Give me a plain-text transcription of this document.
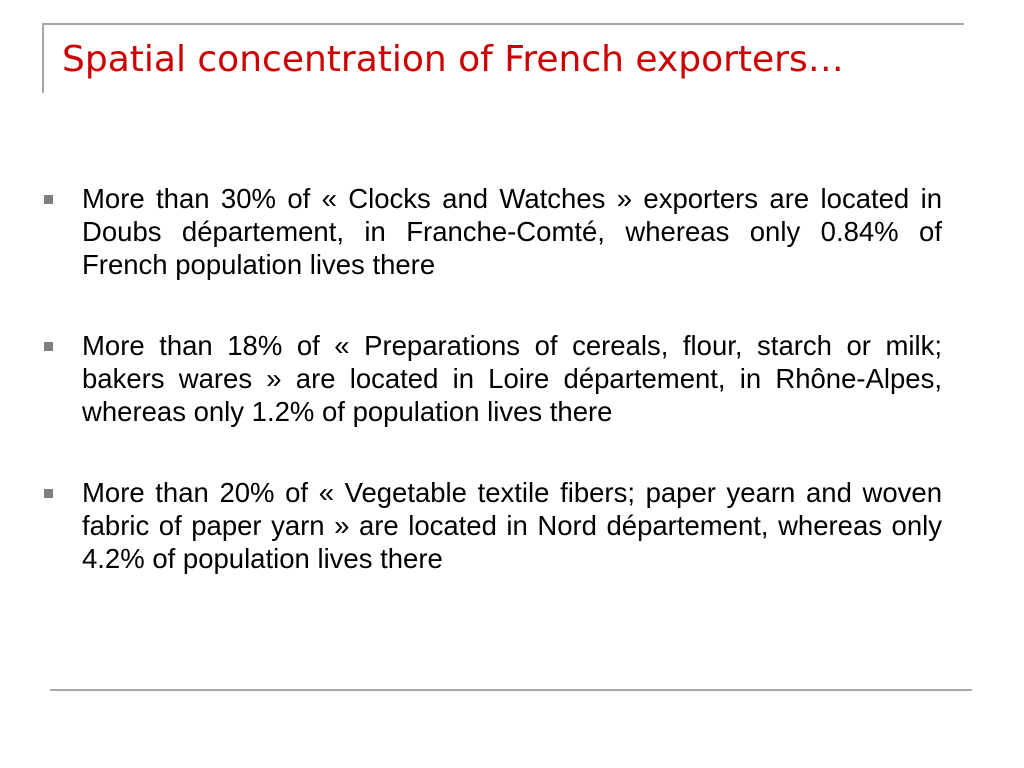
Spatial concentration of French exporters…
More than 30% of « Clocks and Watches » exporters are located in Doubs département, in Franche-Comté, whereas only 0.84% of French population lives there
More than 18% of « Preparations of cereals, flour, starch or milk; bakers wares » are located in Loire département, in Rhône-Alpes, whereas only 1.2% of population lives there
More than 20% of « Vegetable textile fibers; paper yearn and woven fabric of paper yarn » are located in Nord département, whereas only 4.2% of population lives there
